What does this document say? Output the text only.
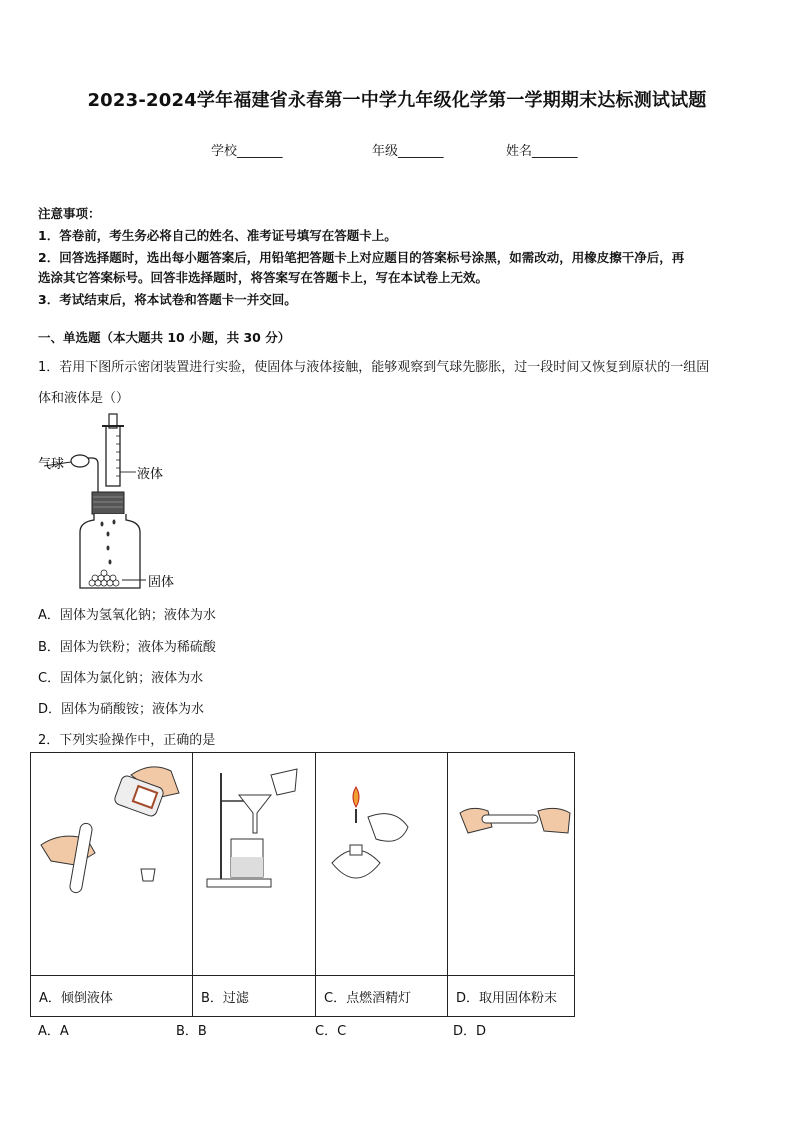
2023-2024学年福建省永春第一中学九年级化学第一学期期末达标测试试题
学校_______	年级_______	姓名_______
注意事项：
1．答卷前，考生务必将自己的姓名、准考证号填写在答题卡上。
2．回答选择题时，选出每小题答案后，用铅笔把答题卡上对应题目的答案标号涂黑，如需改动，用橡皮擦干净后，再
选涂其它答案标号。回答非选择题时，将答案写在答题卡上，写在本试卷上无效。
3．考试结束后，将本试卷和答题卡一并交回。
一、单选题（本大题共 10 小题，共 30 分）
1．若用下图所示密闭装置进行实验，使固体与液体接触，能够观察到气球先膨胀，过一段时间又恢复到原状的一组固
体和液体是（）
气球
液体
固体
A．固体为氢氧化钠；液体为水
B．固体为铁粉；液体为稀硫酸
C．固体为氯化钠；液体为水
D．固体为硝酸铵；液体为水
2．下列实验操作中，正确的是

A．倾倒液体	B．过滤	C．点燃酒精灯	D．取用固体粉末
A．A	B．B	C．C	D．D
